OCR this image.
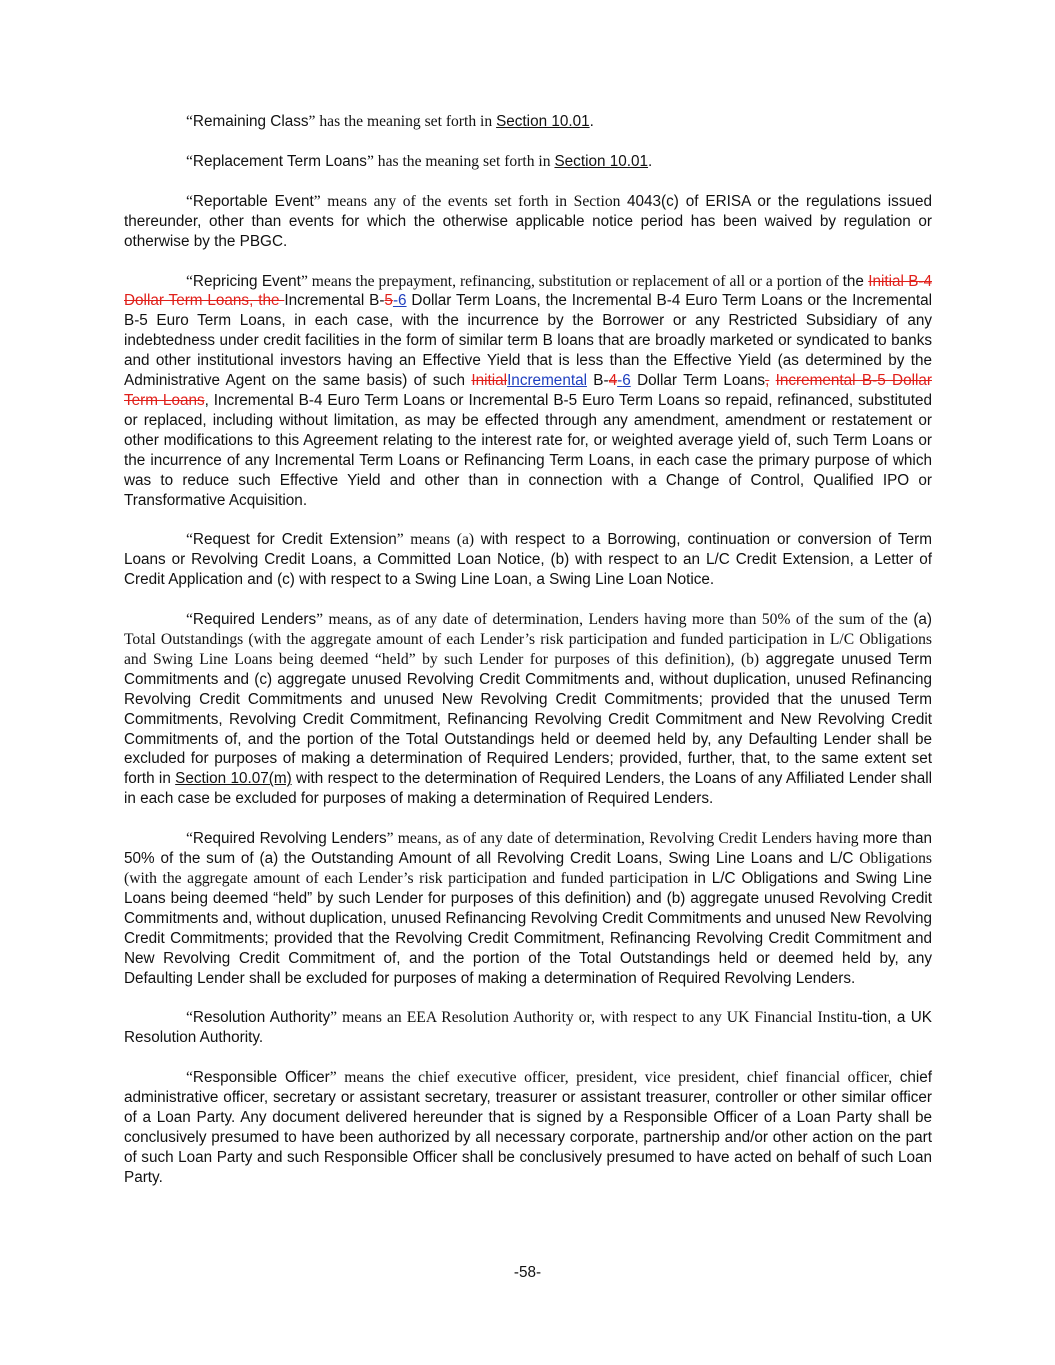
“Remaining Class” has the meaning set forth in Section 10.01.

“Replacement Term Loans” has the meaning set forth in Section 10.01.

“Reportable Event” means any of the events set forth in Section 4043(c) of ERISA or the regulations issued thereunder, other than events for which the otherwise applicable notice period has been waived by regulation or otherwise by the PBGC.

“Repricing Event” means the prepayment, refinancing, substitution or replacement of all or a portion of the Initial B-4 Dollar Term Loans, the Incremental B-5-6 Dollar Term Loans, the Incremental B-4 Euro Term Loans or the Incremental B-5 Euro Term Loans, in each case, with the incurrence by the Borrower or any Restricted Subsidiary of any indebtedness under credit facilities in the form of similar term B loans that are broadly marketed or syndicated to banks and other institutional investors having an Effective Yield that is less than the Effective Yield (as determined by the Administrative Agent on the same basis) of such InitialIncremental B-4-6 Dollar Term Loans, Incremental B-5 Dollar Term Loans, Incremental B-4 Euro Term Loans or Incremental B-5 Euro Term Loans so repaid, refinanced, substituted or replaced, including without limitation, as may be effected through any amendment, amendment or restatement or other modifications to this Agreement relating to the interest rate for, or weighted average yield of, such Term Loans or the incurrence of any Incremental Term Loans or Refinancing Term Loans, in each case the primary purpose of which was to reduce such Effective Yield and other than in connection with a Change of Control, Qualified IPO or Transformative Acquisition.

“Request for Credit Extension” means (a) with respect to a Borrowing, continuation or conversion of Term Loans or Revolving Credit Loans, a Committed Loan Notice, (b) with respect to an L/C Credit Extension, a Letter of Credit Application and (c) with respect to a Swing Line Loan, a Swing Line Loan Notice.

“Required Lenders” means, as of any date of determination, Lenders having more than 50% of the sum of the (a) Total Outstandings (with the aggregate amount of each Lender’s risk participation and funded participation in L/C Obligations and Swing Line Loans being deemed “held” by such Lender for purposes of this definition), (b) aggregate unused Term Commitments and (c) aggregate unused Revolving Credit Commitments and, without duplication, unused Refinancing Revolving Credit Commitments and unused New Revolving Credit Commitments; provided that the unused Term Commitments, Revolving Credit Commitment, Refinancing Revolving Credit Commitment and New Revolving Credit Commitments of, and the portion of the Total Outstandings held or deemed held by, any Defaulting Lender shall be excluded for purposes of making a determination of Required Lenders; provided, further, that, to the same extent set forth in Section 10.07(m) with respect to the determination of Required Lenders, the Loans of any Affiliated Lender shall in each case be excluded for purposes of making a determination of Required Lenders.

“Required Revolving Lenders” means, as of any date of determination, Revolving Credit Lenders having more than 50% of the sum of (a) the Outstanding Amount of all Revolving Credit Loans, Swing Line Loans and L/C Obligations (with the aggregate amount of each Lender’s risk participation and funded participation in L/C Obligations and Swing Line Loans being deemed “held” by such Lender for purposes of this definition) and (b) aggregate unused Revolving Credit Commitments and, without duplication, unused Refinancing Revolving Credit Commitments and unused New Revolving Credit Commitments; provided that the Revolving Credit Commitment, Refinancing Revolving Credit Commitment and New Revolving Credit Commitment of, and the portion of the Total Outstandings held or deemed held by, any Defaulting Lender shall be excluded for purposes of making a determination of Required Revolving Lenders.

“Resolution Authority” means an EEA Resolution Authority or, with respect to any UK Financial Institu-tion, a UK Resolution Authority.

“Responsible Officer” means the chief executive officer, president, vice president, chief financial officer, chief administrative officer, secretary or assistant secretary, treasurer or assistant treasurer, controller or other similar officer of a Loan Party. Any document delivered hereunder that is signed by a Responsible Officer of a Loan Party shall be conclusively presumed to have been authorized by all necessary corporate, partnership and/or other action on the part of such Loan Party and such Responsible Officer shall be conclusively presumed to have acted on behalf of such Loan Party.

-58-
